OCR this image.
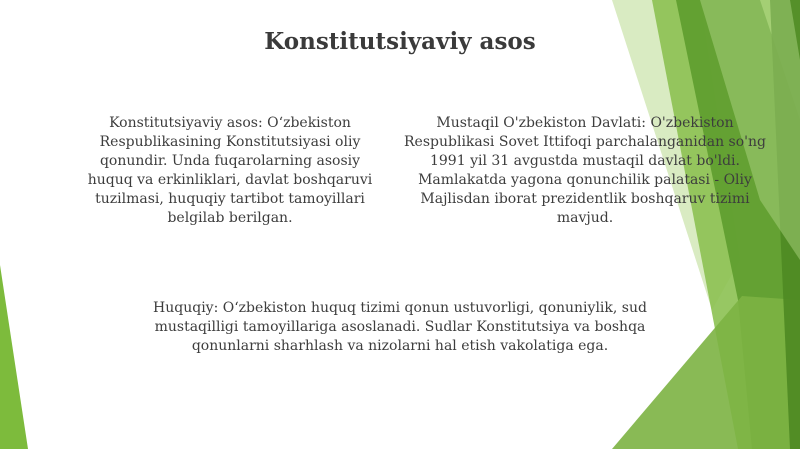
Konstitutsiyaviy asos
Konstitutsiyaviy asos: O‘zbekiston Respublikasining Konstitutsiyasi oliy qonundir. Unda fuqarolarning asosiy huquq va erkinliklari, davlat boshqaruvi tuzilmasi, huquqiy tartibot tamoyillari belgilab berilgan.
Mustaqil O'zbekiston Davlati: O'zbekiston Respublikasi Sovet Ittifoqi parchalanganidan so'ng 1991 yil 31 avgustda mustaqil davlat bo'ldi. Mamlakatda yagona qonunchilik palatasi - Oliy Majlisdan iborat prezidentlik boshqaruv tizimi mavjud.
Huquqiy: O‘zbekiston huquq tizimi qonun ustuvorligi, qonuniylik, sud mustaqilligi tamoyillariga asoslanadi. Sudlar Konstitutsiya va boshqa qonunlarni sharhlash va nizolarni hal etish vakolatiga ega.
